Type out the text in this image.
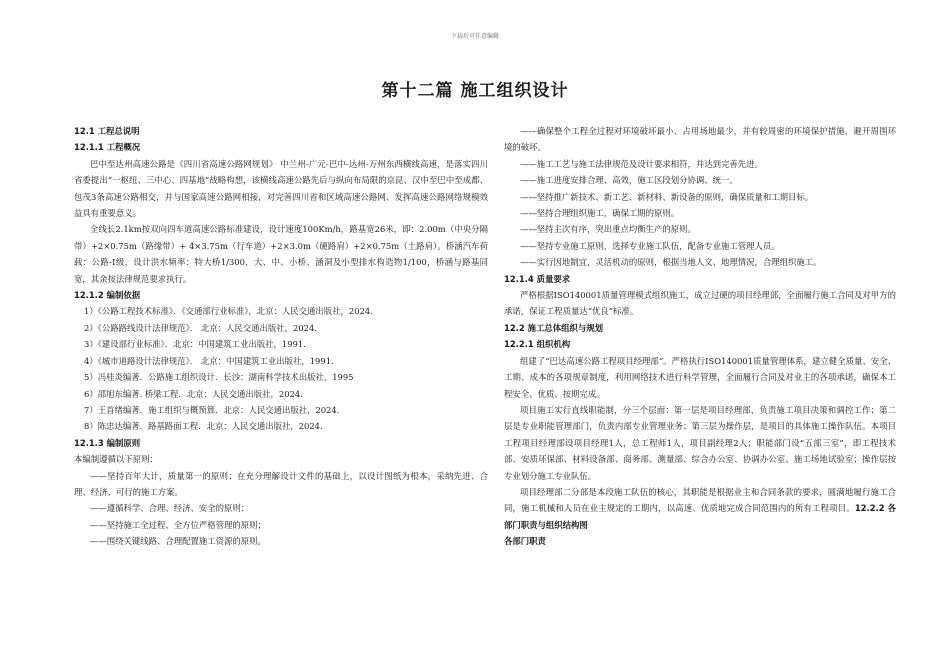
下载后可任意编辑
第十二篇 施工组织设计

12.1 工程总说明

12.1.1 工程概况

巴中至达州高速公路是《四川省高速公路网规划》 中兰州-广元-巴中-达州-万州东西横线高速，是落实四川省委提出“一枢纽、三中心、四基地”战略构想，该横线高速公路先后与纵向布局限的京昆、汉中至巴中至成都、包茂3条高速公路相交，并与国家高速公路网相接，对完善四川省和区域高速公路网、发挥高速公路网络规模效益具有重要意义。

全线长2.1km按双向四车道高速公路标准建设，设计速度100Km/h，路基宽26米，即：2.00m（中央分隔带）+2×0.75m（路缘带）+ 4×3.75m（行车道）+2×3.0m（硬路肩）+2×0.75m（土路肩）。桥涵汽车荷载：公路-Ⅰ级，设计洪水频率：特大桥1/300，大、中、小桥、涵洞及小型排水构造物1/100，桥涵与路基同宽，其余按法律规范要求执行。

12.1.2 编制依据

1）《公路工程技术标准》．《交通部行业标准》，北京：人民交通出版社，2024.

2）《公路路线设计法律规范》． 北京：人民交通出版社，2024.

3）《建设部行业标准》．北京：中国建筑工业出版社，1991.

4）《城市道路设计法律规范》． 北京：中国建筑工业出版社，1991.

5）冯桂炎编著．公路施工组织设计．长沙：湖南科学技术出版社，1995

6）邵旭东编著. 桥梁工程．北京：人民交通出版社，2024.

7）王首绪编著．施工组织与概预算．北京：人民交通出版社，2024.

8）陈忠达编著．路基路面工程．北京：人民交通出版社，2024.

12.1.3 编制原则

本编制遵循以下原则：

——坚持百年大计，质量第一的原则；在充分理解设计文件的基础上，以设计图纸为根本，采纳先进、合理、经济、可行的施工方案。

——遵循科学、合理、经济、安全的原则；

——坚持施工全过程、全方位严格管理的原则；

——围绕关键线路、合理配置施工资源的原则。

——确保整个工程全过程对环境破坏最小、占用场地最少，并有较周密的环境保护措施，避开周围环境的破坏。

——施工工艺与施工法律规范及设计要求相符，并达到完善先进。

——施工进度安排合理、高效，施工区段划分协调、统一。

——坚持推广新技术、新工艺、新材料、新设备的原则，确保质量和工期目标。

——坚持合理组织施工，确保工期的原则。

——坚持主次有序，突出重点均衡生产的原则。

——坚持专业施工原则，选择专业施工队伍，配备专业施工管理人员。

——实行因地制宜，灵活机动的原则，根据当地人文、地理情况，合理组织施工。

12.1.4 质量要求

严格根据ISO140001质量管理模式组织施工，成立过硬的项目经理部，全面履行施工合同及对甲方的承诺，保证工程质量达“优良”标准。

12.2 施工总体组织与规划

12.2.1 组织机构

组建了“巴达高速公路工程项目经理部”。严格执行ISO140001质量管理体系，建立健全质量、安全、工期、成本的各项规章制度，利用网络技术进行科学管理，全面履行合同及对业主的各项承诺，确保本工程安全、优质、按期完成。

项目施工实行直线职能制，分三个层面：第一层是项目经理部，负责施工项目决策和调控工作；第二层是专业职能管理部门，负责内部专业管理业务；第三层为操作层，是项目的具体施工操作队伍。本项目工程项目经理部设项目经理1人，总工程师1人，项目副经理2人；职能部门设“五部三室”，即工程技术部、安质环保部、材料设备部、商务部、测量部、综合办公室、协调办公室、施工场地试验室；操作层按专业划分施工专业队伍。

项目经理部二分部是本段施工队伍的核心，其职能是根据业主和合同条款的要求，圆满地履行施工合同，施工机械和人员在业主规定的工期内，以高速、优质地完成合同范围内的所有工程项目。12.2.2 各部门职责与组织结构图

各部门职责
